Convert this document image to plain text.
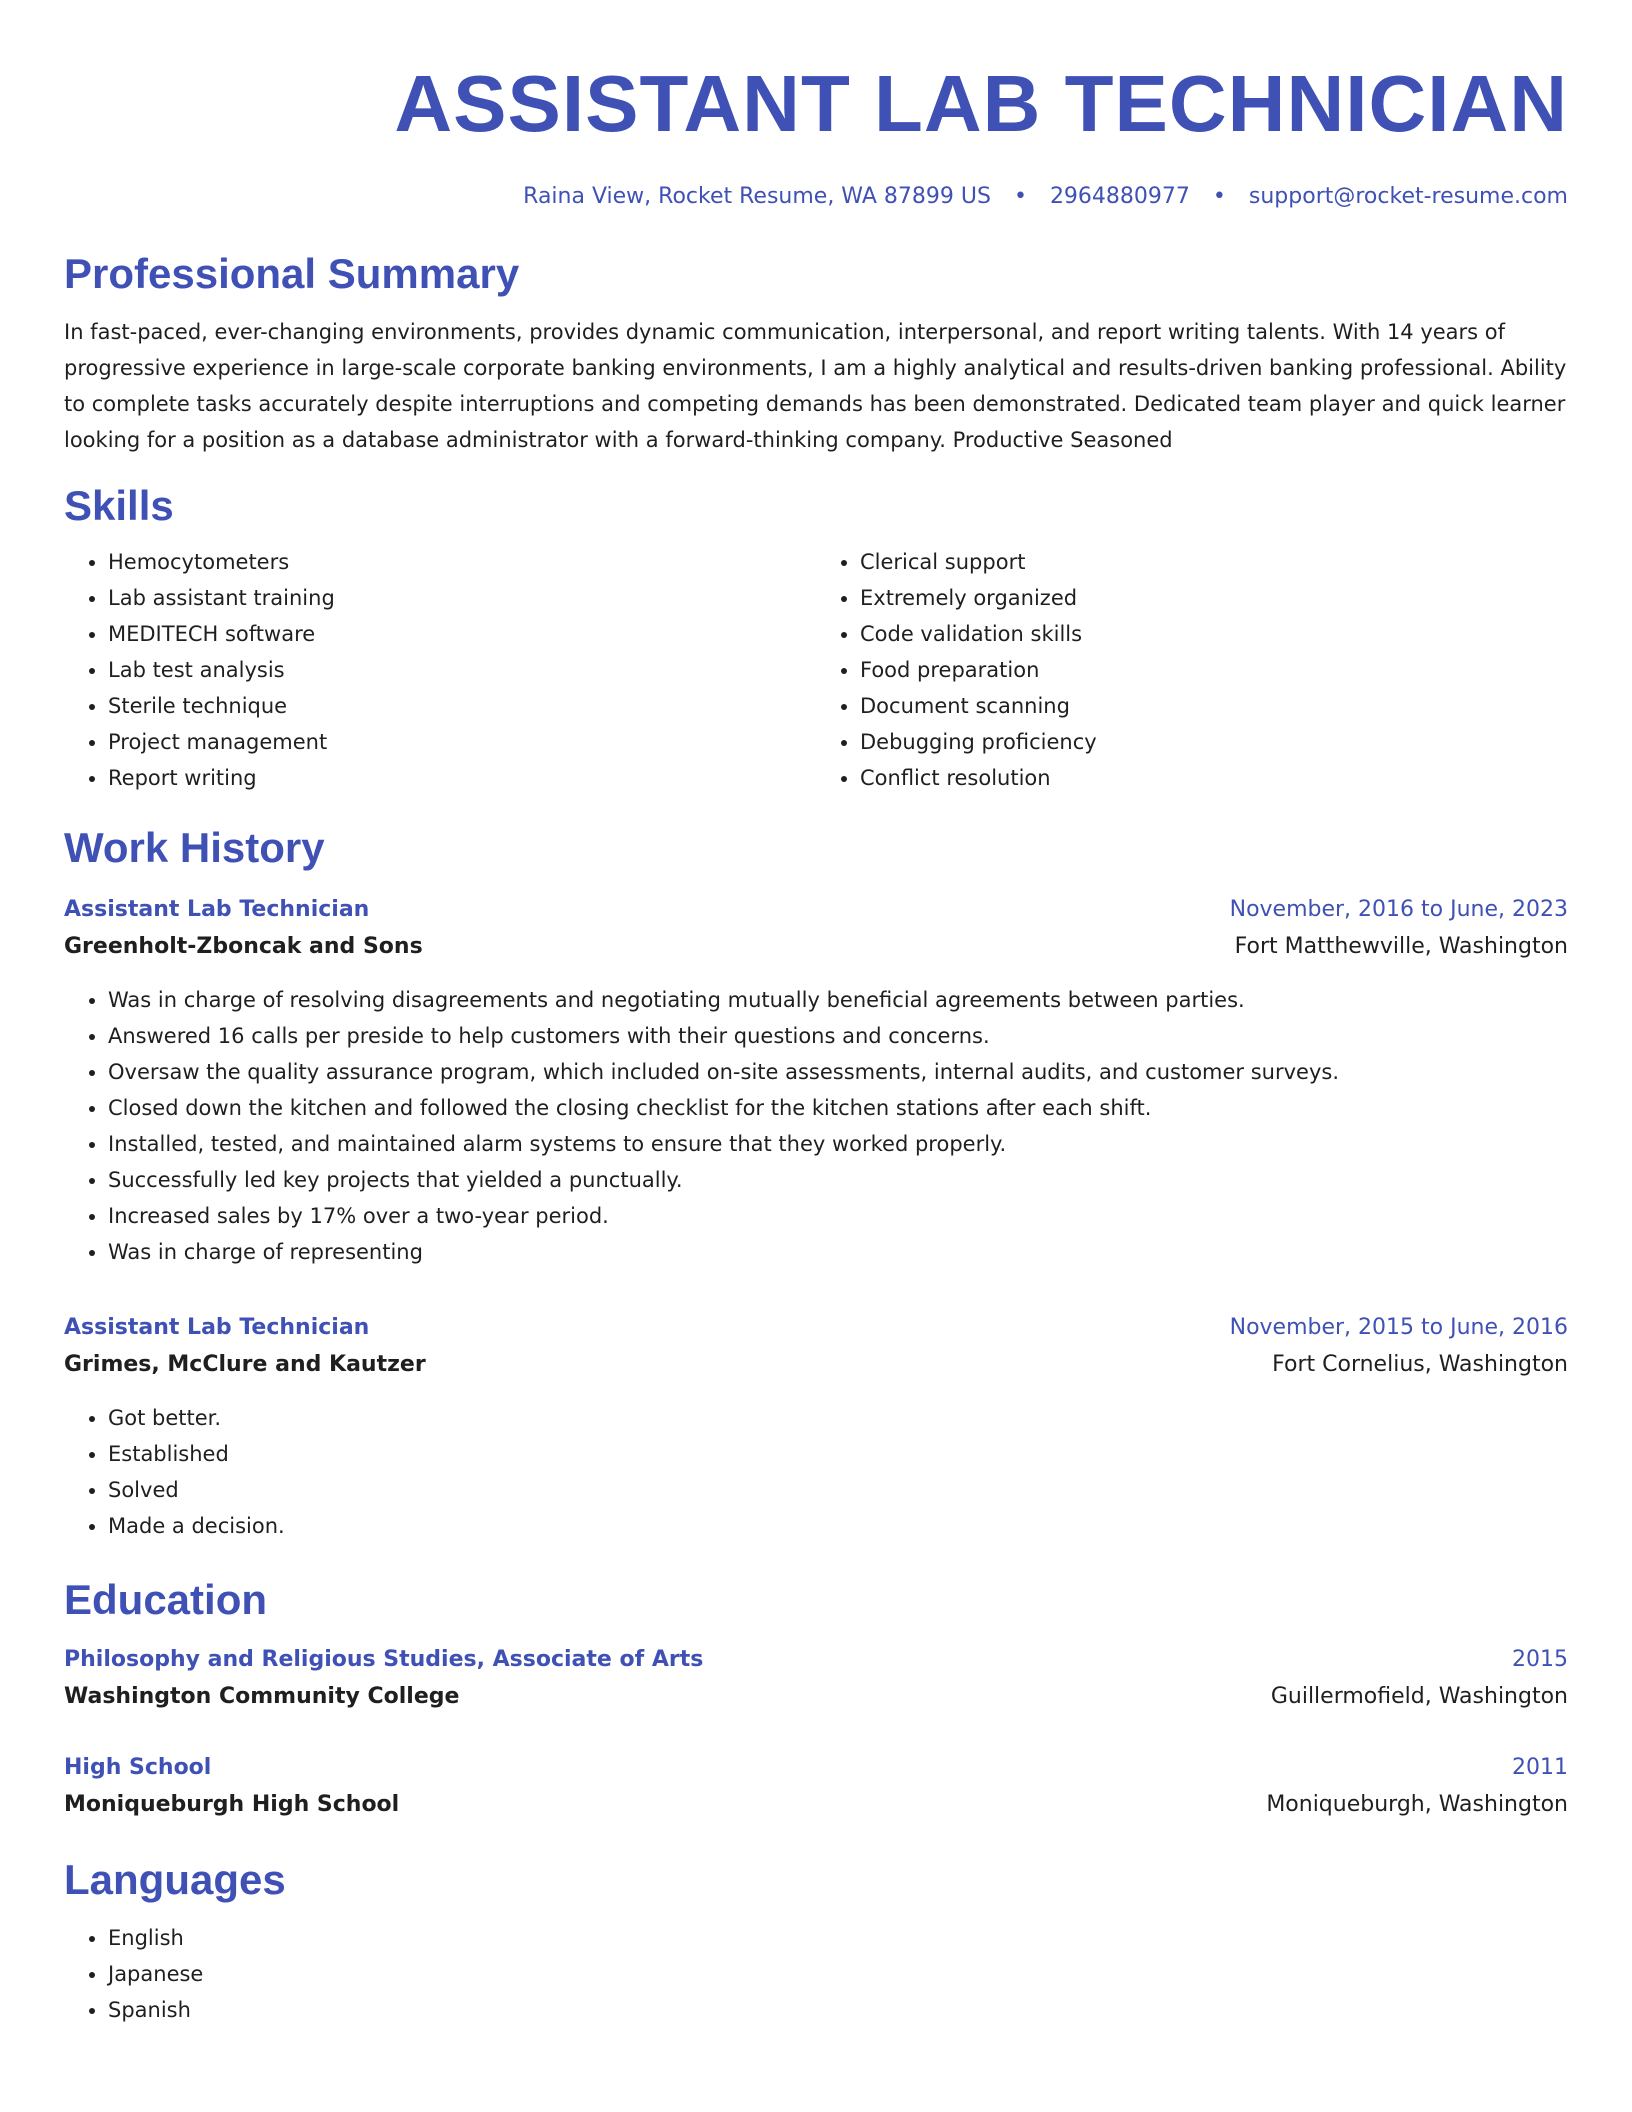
ASSISTANT LAB TECHNICIAN
Raina View, Rocket Resume, WA 87899 US • 2964880977 • support@rocket-resume.com
Professional Summary
In fast-paced, ever-changing environments, provides dynamic communication, interpersonal, and report writing talents. With 14 years of progressive experience in large-scale corporate banking environments, I am a highly analytical and results-driven banking professional. Ability to complete tasks accurately despite interruptions and competing demands has been demonstrated. Dedicated team player and quick learner looking for a position as a database administrator with a forward-thinking company. Productive Seasoned
Skills
• Hemocytometers
• Lab assistant training
• MEDITECH software
• Lab test analysis
• Sterile technique
• Project management
• Report writing
• Clerical support
• Extremely organized
• Code validation skills
• Food preparation
• Document scanning
• Debugging proficiency
• Conflict resolution
Work History
Assistant Lab Technician	November, 2016 to June, 2023
Greenholt-Zboncak and Sons	Fort Matthewville, Washington
• Was in charge of resolving disagreements and negotiating mutually beneficial agreements between parties.
• Answered 16 calls per preside to help customers with their questions and concerns.
• Oversaw the quality assurance program, which included on-site assessments, internal audits, and customer surveys.
• Closed down the kitchen and followed the closing checklist for the kitchen stations after each shift.
• Installed, tested, and maintained alarm systems to ensure that they worked properly.
• Successfully led key projects that yielded a punctually.
• Increased sales by 17% over a two-year period.
• Was in charge of representing
Assistant Lab Technician	November, 2015 to June, 2016
Grimes, McClure and Kautzer	Fort Cornelius, Washington
• Got better.
• Established
• Solved
• Made a decision.
Education
Philosophy and Religious Studies, Associate of Arts	2015
Washington Community College	Guillermofield, Washington
High School	2011
Moniqueburgh High School	Moniqueburgh, Washington
Languages
• English
• Japanese
• Spanish
